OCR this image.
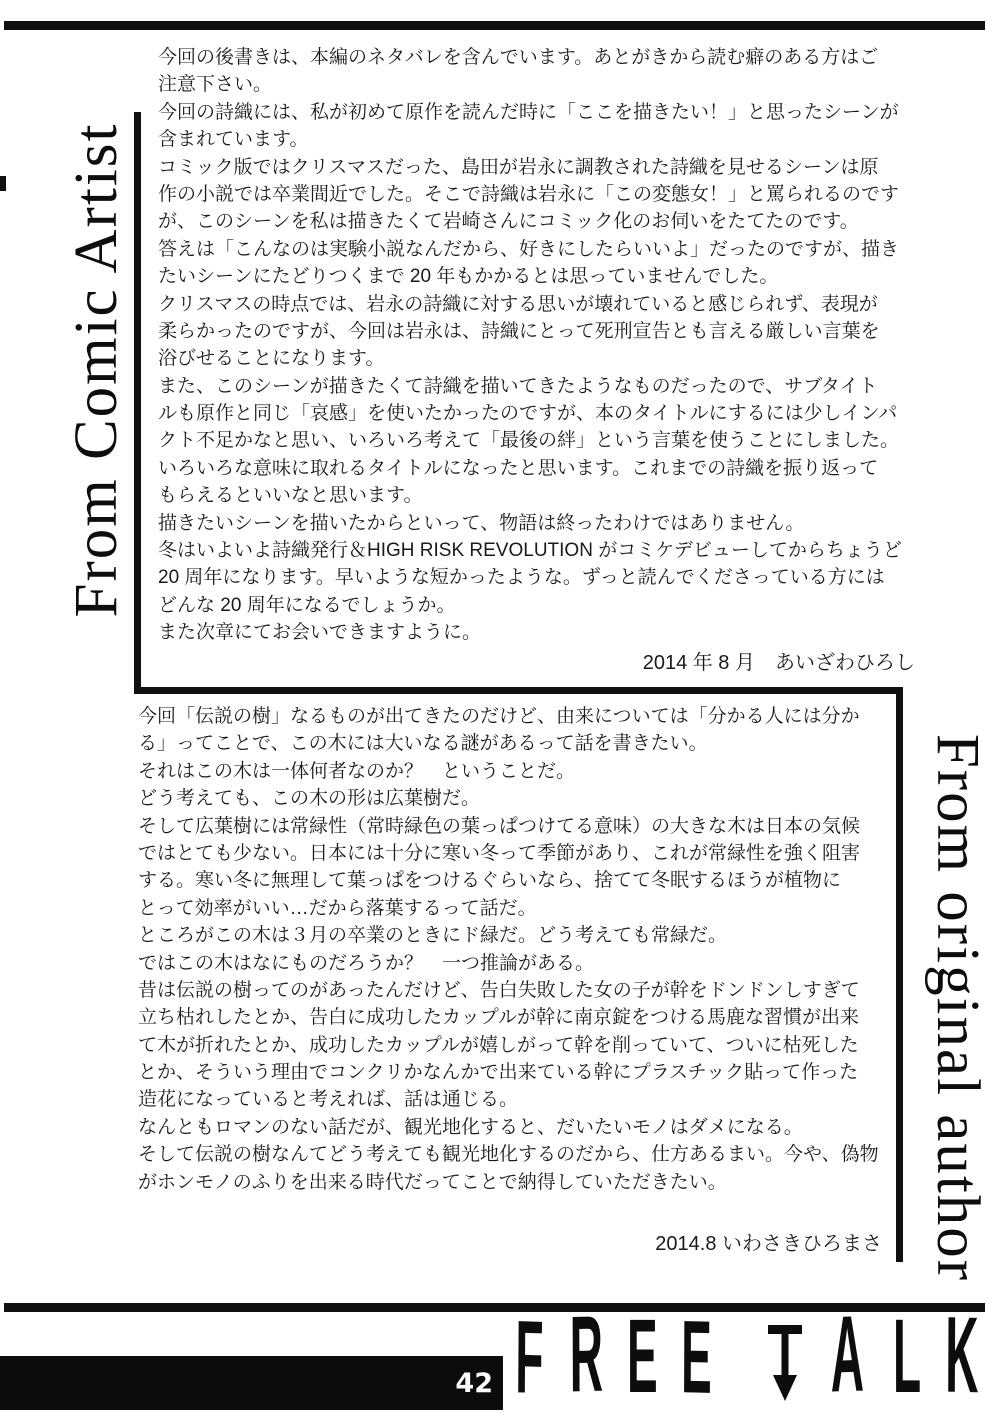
From Comic Artist
今回の後書きは、本編のネタバレを含んでいます。あとがきから読む癖のある方はご
注意下さい。
今回の詩織には、私が初めて原作を読んだ時に「ここを描きたい！」と思ったシーンが
含まれています。
コミック版ではクリスマスだった、島田が岩永に調教された詩織を見せるシーンは原
作の小説では卒業間近でした。そこで詩織は岩永に「この変態女！」と罵られるのです
が、このシーンを私は描きたくて岩崎さんにコミック化のお伺いをたてたのです。
答えは「こんなのは実験小説なんだから、好きにしたらいいよ」だったのですが、描き
たいシーンにたどりつくまで 20 年もかかるとは思っていませんでした。
クリスマスの時点では、岩永の詩織に対する思いが壊れていると感じられず、表現が
柔らかったのですが、今回は岩永は、詩織にとって死刑宣告とも言える厳しい言葉を
浴びせることになります。
また、このシーンが描きたくて詩織を描いてきたようなものだったので、サブタイト
ルも原作と同じ「哀感」を使いたかったのですが、本のタイトルにするには少しインパ
クト不足かなと思い、いろいろ考えて「最後の絆」という言葉を使うことにしました。
いろいろな意味に取れるタイトルになったと思います。これまでの詩織を振り返って
もらえるといいなと思います。
描きたいシーンを描いたからといって、物語は終ったわけではありません。
冬はいよいよ詩織発行＆HIGH RISK REVOLUTION がコミケデビューしてからちょうど
20 周年になります。早いような短かったような。ずっと読んでくださっている方には
どんな 20 周年になるでしょうか。
また次章にてお会いできますように。
2014 年 8 月　あいざわひろし
From original author
今回「伝説の樹」なるものが出てきたのだけど、由来については「分かる人には分か
る」ってことで、この木には大いなる謎があるって話を書きたい。
それはこの木は一体何者なのか？　ということだ。
どう考えても、この木の形は広葉樹だ。
そして広葉樹には常緑性（常時緑色の葉っぱつけてる意味）の大きな木は日本の気候
ではとても少ない。日本には十分に寒い冬って季節があり、これが常緑性を強く阻害
する。寒い冬に無理して葉っぱをつけるぐらいなら、捨てて冬眠するほうが植物に
とって効率がいい…だから落葉するって話だ。
ところがこの木は３月の卒業のときにド緑だ。どう考えても常緑だ。
ではこの木はなにものだろうか？　一つ推論がある。
昔は伝説の樹ってのがあったんだけど、告白失敗した女の子が幹をドンドンしすぎて
立ち枯れしたとか、告白に成功したカップルが幹に南京錠をつける馬鹿な習慣が出来
て木が折れたとか、成功したカップルが嬉しがって幹を削っていて、ついに枯死した
とか、そういう理由でコンクリかなんかで出来ている幹にプラスチック貼って作った
造花になっていると考えれば、話は通じる。
なんともロマンのない話だが、観光地化すると、だいたいモノはダメになる。
そして伝説の樹なんてどう考えても観光地化するのだから、仕方あるまい。今や、偽物
がホンモノのふりを出来る時代だってことで納得していただきたい。
2014.8 いわさきひろまさ
42 F R E E	A L K
